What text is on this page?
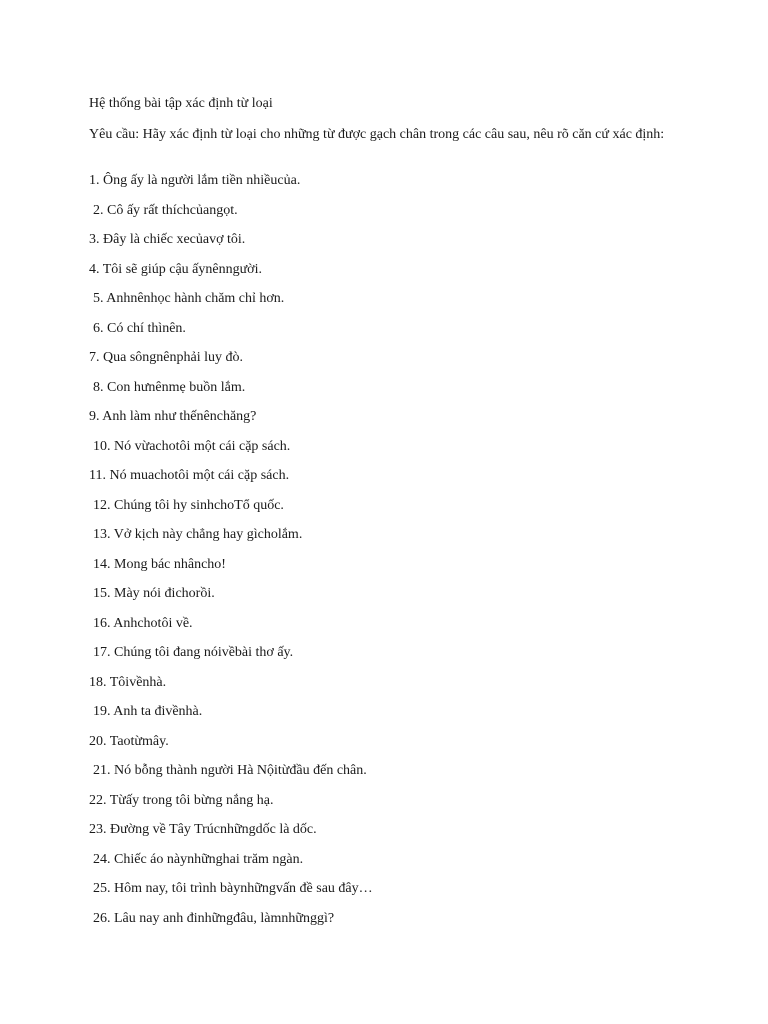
Hệ thống bài tập xác định từ loại

Yêu cầu: Hãy xác định từ loại cho những từ được gạch chân trong các câu sau, nêu rõ căn cứ xác định:

1. Ông ấy là người lắm tiền nhiềucủa.
2. Cô ấy rất thíchcủangọt.
3. Đây là chiếc xecủavợ tôi.
4. Tôi sẽ giúp cậu ấynênngười.
5. Anhnênhọc hành chăm chỉ hơn.
6. Có chí thìnên.
7. Qua sôngnênphải luy đò.
8. Con hưnênmẹ buồn lắm.
9. Anh làm như thếnênchăng?
10. Nó vừachotôi một cái cặp sách.
11. Nó muachotôi một cái cặp sách.
12. Chúng tôi hy sinhchoTổ quốc.
13. Vở kịch này chẳng hay gìcholắm.
14. Mong bác nhâncho!
15. Mày nói đichorồi.
16. Anhchotôi về.
17. Chúng tôi đang nóivềbài thơ ấy.
18. Tôivềnhà.
19. Anh ta đivềnhà.
20. Taotừmây.
21. Nó bỗng thành người Hà Nộitừđầu đến chân.
22. Từấy trong tôi bừng nắng hạ.
23. Đường về Tây Trúcnhữngdốc là dốc.
24. Chiếc áo nàynhữnghai trăm ngàn.
25. Hôm nay, tôi trình bàynhữngvấn đề sau đây…
26. Lâu nay anh đinhữngđâu, làmnhữnggì?
